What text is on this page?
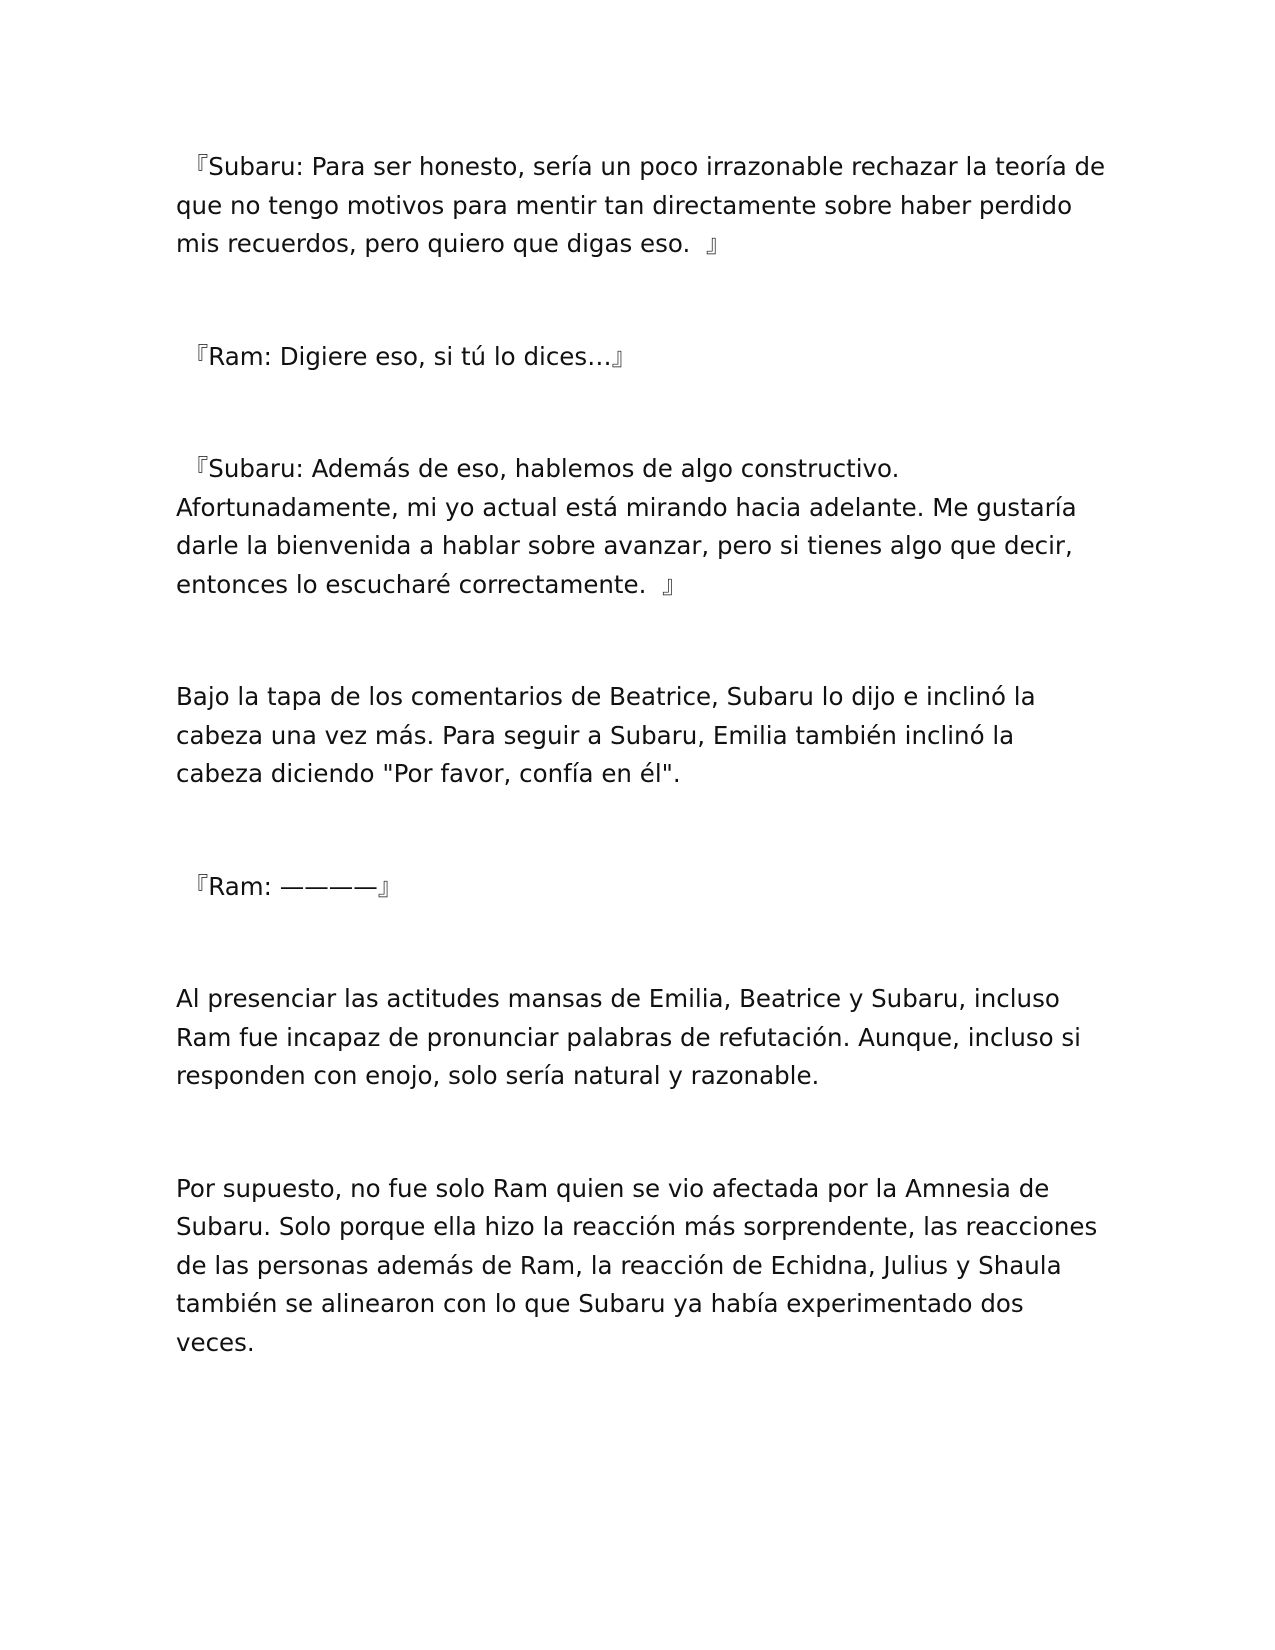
『Subaru: Para ser honesto, sería un poco irrazonable rechazar la teoría de que no tengo motivos para mentir tan directamente sobre haber perdido mis recuerdos, pero quiero que digas eso.  』

『Ram: Digiere eso, si tú lo dices…』

『Subaru: Además de eso, hablemos de algo constructivo. Afortunadamente, mi yo actual está mirando hacia adelante. Me gustaría darle la bienvenida a hablar sobre avanzar, pero si tienes algo que decir, entonces lo escucharé correctamente.  』

Bajo la tapa de los comentarios de Beatrice, Subaru lo dijo e inclinó la cabeza una vez más. Para seguir a Subaru, Emilia también inclinó la cabeza diciendo "Por favor, confía en él".

『Ram: ————』

Al presenciar las actitudes mansas de Emilia, Beatrice y Subaru, incluso Ram fue incapaz de pronunciar palabras de refutación. Aunque, incluso si responden con enojo, solo sería natural y razonable.

Por supuesto, no fue solo Ram quien se vio afectada por la Amnesia de Subaru. Solo porque ella hizo la reacción más sorprendente, las reacciones de las personas además de Ram, la reacción de Echidna, Julius y Shaula también se alinearon con lo que Subaru ya había experimentado dos veces.
